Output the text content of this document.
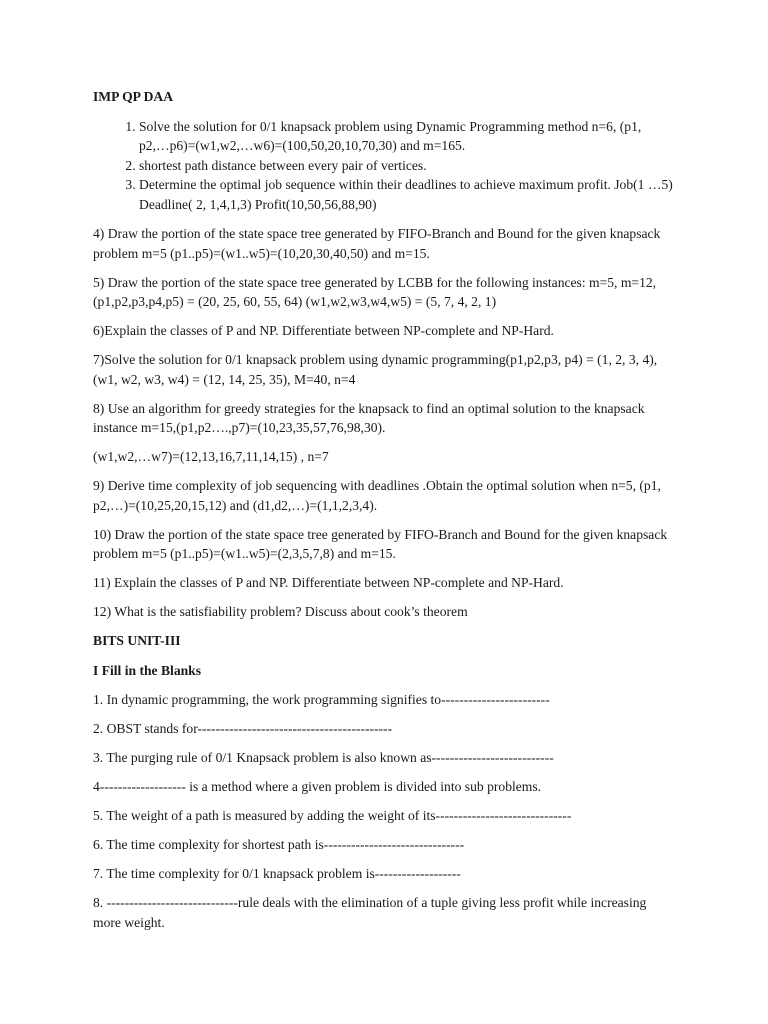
IMP QP DAA
1. Solve the solution for 0/1 knapsack problem using Dynamic Programming method n=6, (p1, p2,…p6)=(w1,w2,…w6)=(100,50,20,10,70,30) and m=165.
2. shortest path distance between every pair of vertices.
3. Determine the optimal job sequence within their deadlines to achieve maximum profit. Job(1 …5) Deadline( 2, 1,4,1,3) Profit(10,50,56,88,90)

4) Draw the portion of the state space tree generated by FIFO-Branch and Bound for the given knapsack problem m=5 (p1..p5)=(w1..w5)=(10,20,30,40,50) and m=15.

5) Draw the portion of the state space tree generated by LCBB for the following instances: m=5, m=12, (p1,p2,p3,p4,p5) = (20, 25, 60, 55, 64) (w1,w2,w3,w4,w5) = (5, 7, 4, 2, 1)

6)Explain the classes of P and NP. Differentiate between NP-complete and NP-Hard.

7)Solve the solution for 0/1 knapsack problem using dynamic programming(p1,p2,p3, p4) = (1, 2, 3, 4), (w1, w2, w3, w4) = (12, 14, 25, 35), M=40, n=4

8) Use an algorithm for greedy strategies for the knapsack to find an optimal solution to the knapsack instance m=15,(p1,p2….,p7)=(10,23,35,57,76,98,30).

(w1,w2,…w7)=(12,13,16,7,11,14,15) , n=7

9) Derive time complexity of job sequencing with deadlines .Obtain the optimal solution when n=5, (p1, p2,…)=(10,25,20,15,12) and (d1,d2,…)=(1,1,2,3,4).

10) Draw the portion of the state space tree generated by FIFO-Branch and Bound for the given knapsack problem m=5 (p1..p5)=(w1..w5)=(2,3,5,7,8) and m=15.

11) Explain the classes of P and NP. Differentiate between NP-complete and NP-Hard.

12) What is the satisfiability problem? Discuss about cook’s theorem

BITS UNIT-III
I Fill in the Blanks

1. In dynamic programming, the work programming signifies to------------------------

2. OBST stands for-------------------------------------------

3. The purging rule of 0/1 Knapsack problem is also known as---------------------------

4------------------- is a method where a given problem is divided into sub problems.

5. The weight of a path is measured by adding the weight of its------------------------------

6. The time complexity for shortest path is-------------------------------

7. The time complexity for 0/1 knapsack problem is-------------------

8. -----------------------------rule deals with the elimination of a tuple giving less profit while increasing more weight.
